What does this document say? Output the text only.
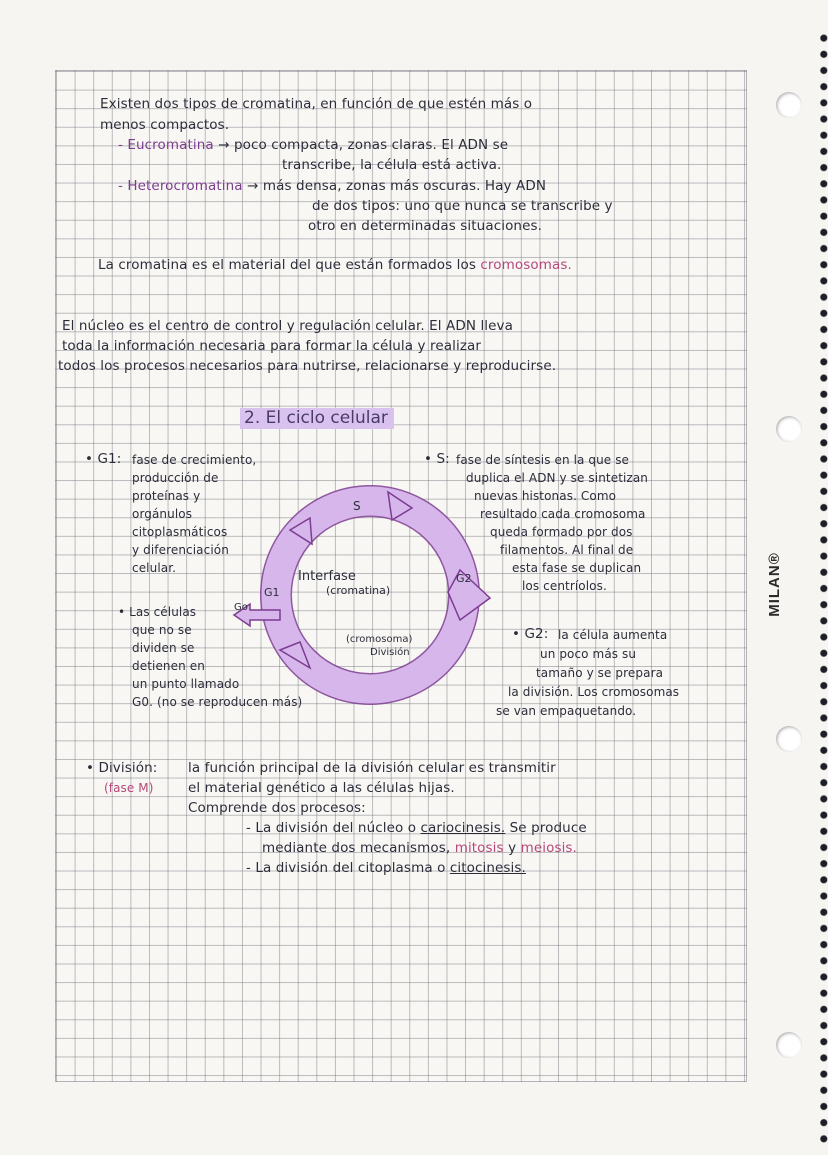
MILAN®
Existen dos tipos de cromatina, en función de que estén más o
menos compactos.
- Eucromatina → poco compacta, zonas claras. El ADN se
transcribe, la célula está activa.
- Heterocromatina → más densa, zonas más oscuras. Hay ADN
de dos tipos: uno que nunca se transcribe y
otro en determinadas situaciones.
La cromatina es el material del que están formados los cromosomas.
El núcleo es el centro de control y regulación celular. El ADN lleva
toda la información necesaria para formar la célula y realizar
todos los procesos necesarios para nutrirse, relacionarse y reproducirse.
2. El ciclo celular
• G1: fase de crecimiento,
producción de
proteínas y
orgánulos
citoplasmáticos
y diferenciación
celular.
• Las células
que no se
dividen se
detienen en
un punto llamado
G0. (no se reproducen más)
• S: fase de síntesis en la que se
duplica el ADN y se sintetizan
nuevas histonas. Como
resultado cada cromosoma
queda formado por dos
filamentos. Al final de
esta fase se duplican
los centríolos.
• G2: la célula aumenta
un poco más su
tamaño y se prepara
la división. Los cromosomas
se van empaquetando.
S
G2
G1
Go
Interfase
(cromatina)
(cromosoma)
División
• División:
(fase M)
la función principal de la división celular es transmitir
el material genético a las células hijas.
Comprende dos procesos:
- La división del núcleo o cariocinesis. Se produce
mediante dos mecanismos, mitosis y meiosis.
- La división del citoplasma o citocinesis.
